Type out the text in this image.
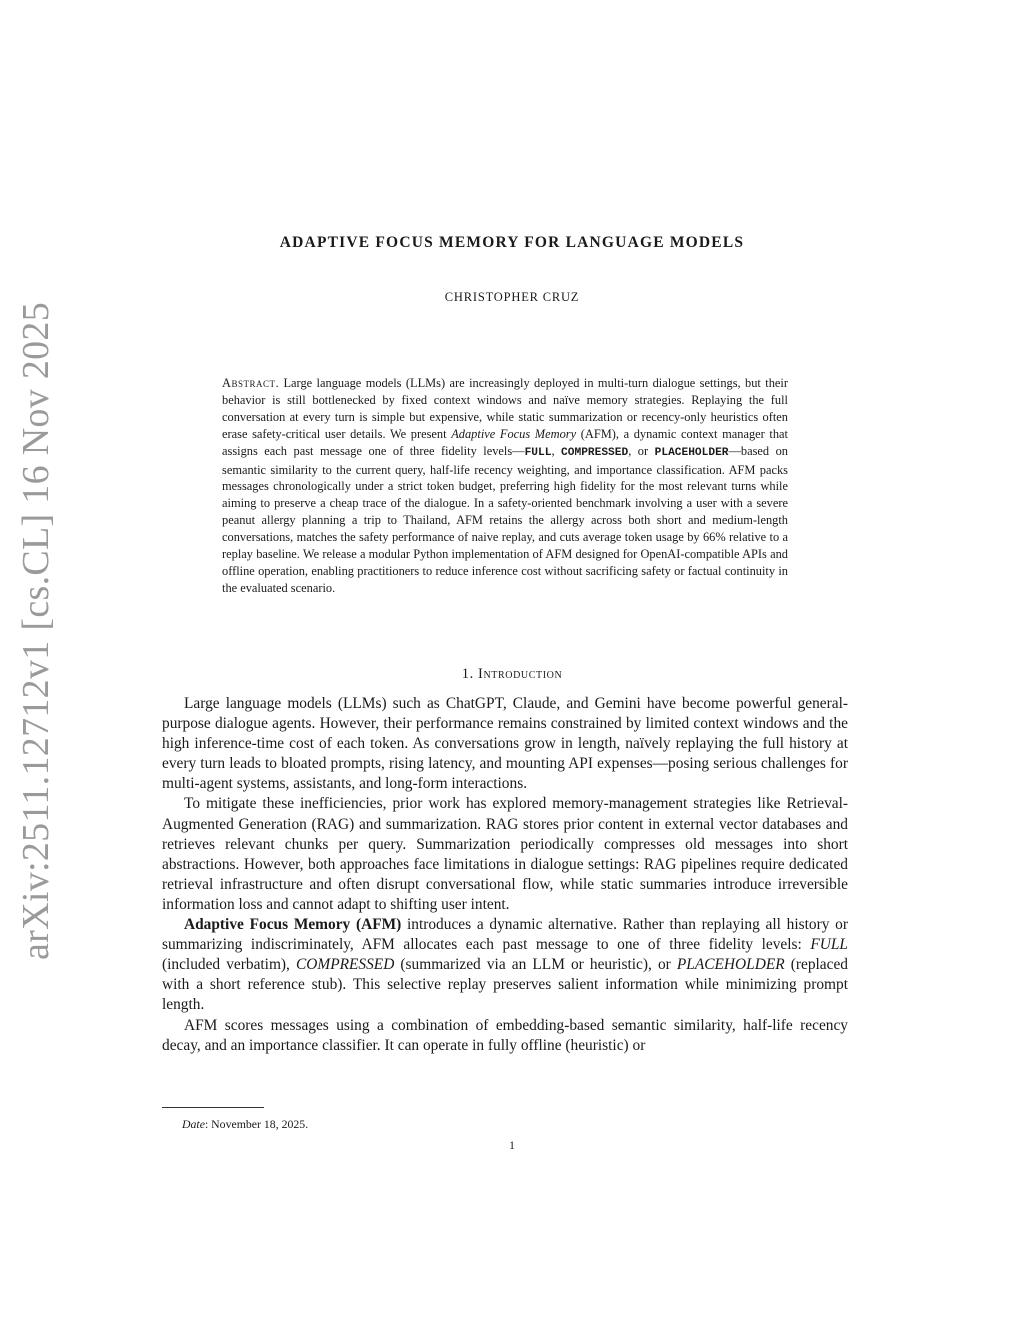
arXiv:2511.12712v1 [cs.CL] 16 Nov 2025
ADAPTIVE FOCUS MEMORY FOR LANGUAGE MODELS
CHRISTOPHER CRUZ
Abstract. Large language models (LLMs) are increasingly deployed in multi-turn dialogue settings, but their behavior is still bottlenecked by fixed context windows and naïve memory strategies. Replaying the full conversation at every turn is simple but expensive, while static summarization or recency-only heuristics often erase safety-critical user details. We present Adaptive Focus Memory (AFM), a dynamic context manager that assigns each past message one of three fidelity levels—FULL, COMPRESSED, or PLACEHOLDER—based on semantic similarity to the current query, half-life recency weighting, and importance classification. AFM packs messages chronologically under a strict token budget, preferring high fidelity for the most relevant turns while aiming to preserve a cheap trace of the dialogue. In a safety-oriented benchmark involving a user with a severe peanut allergy planning a trip to Thailand, AFM retains the allergy across both short and medium-length conversations, matches the safety performance of naive replay, and cuts average token usage by 66% relative to a replay baseline. We release a modular Python implementation of AFM designed for OpenAI-compatible APIs and offline operation, enabling practitioners to reduce inference cost without sacrificing safety or factual continuity in the evaluated scenario.
1. Introduction

Large language models (LLMs) such as ChatGPT, Claude, and Gemini have become powerful general-purpose dialogue agents. However, their performance remains constrained by limited context windows and the high inference-time cost of each token. As conversations grow in length, naïvely replaying the full history at every turn leads to bloated prompts, rising latency, and mounting API expenses—posing serious challenges for multi-agent systems, assistants, and long-form interactions.

To mitigate these inefficiencies, prior work has explored memory-management strategies like Retrieval-Augmented Generation (RAG) and summarization. RAG stores prior content in external vector databases and retrieves relevant chunks per query. Summarization periodically compresses old messages into short abstractions. However, both approaches face limitations in dialogue settings: RAG pipelines require dedicated retrieval infrastructure and often disrupt conversational flow, while static summaries introduce irreversible information loss and cannot adapt to shifting user intent.

Adaptive Focus Memory (AFM) introduces a dynamic alternative. Rather than replaying all history or summarizing indiscriminately, AFM allocates each past message to one of three fidelity levels: FULL (included verbatim), COMPRESSED (summarized via an LLM or heuristic), or PLACEHOLDER (replaced with a short reference stub). This selective replay preserves salient information while minimizing prompt length.

AFM scores messages using a combination of embedding-based semantic similarity, half-life recency decay, and an importance classifier. It can operate in fully offline (heuristic) or

Date: November 18, 2025.
1
